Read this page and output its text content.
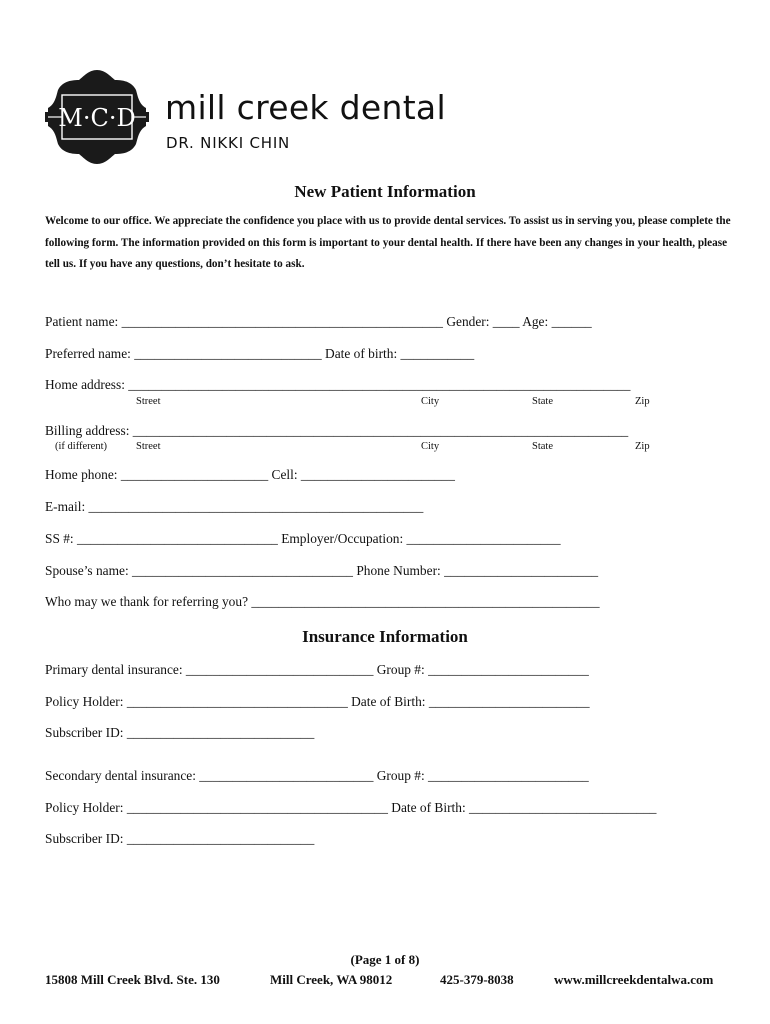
M·C·D mill creek dental
DR. NIKKI CHIN
New Patient Information
Welcome to our office. We appreciate the confidence you place with us to provide dental services. To assist us in serving you, please complete the following form. The information provided on this form is important to your dental health. If there have been any changes in your health, please tell us. If you have any questions, don’t hesitate to ask.
Patient name: ________________________________________________ Gender: ____ Age: ______
Preferred name: ____________________________ Date of birth: ___________
Home address: ___________________________________________________________________________
Street	City	State	Zip
Billing address: __________________________________________________________________________
(if different)	Street	City	State	Zip
Home phone: ______________________ Cell: _______________________
E-mail: __________________________________________________
SS #: ______________________________ Employer/Occupation: _______________________
Spouse’s name: _________________________________ Phone Number: _______________________
Who may we thank for referring you? ____________________________________________________
Insurance Information
Primary dental insurance: ____________________________ Group #: ________________________
Policy Holder: _________________________________ Date of Birth: ________________________
Subscriber ID: ____________________________
Secondary dental insurance: __________________________ Group #: ________________________
Policy Holder: _______________________________________ Date of Birth: ____________________________
Subscriber ID: ____________________________
(Page 1 of 8)
15808 Mill Creek Blvd. Ste. 130	Mill Creek, WA 98012	425-379-8038	www.millcreekdentalwa.com
